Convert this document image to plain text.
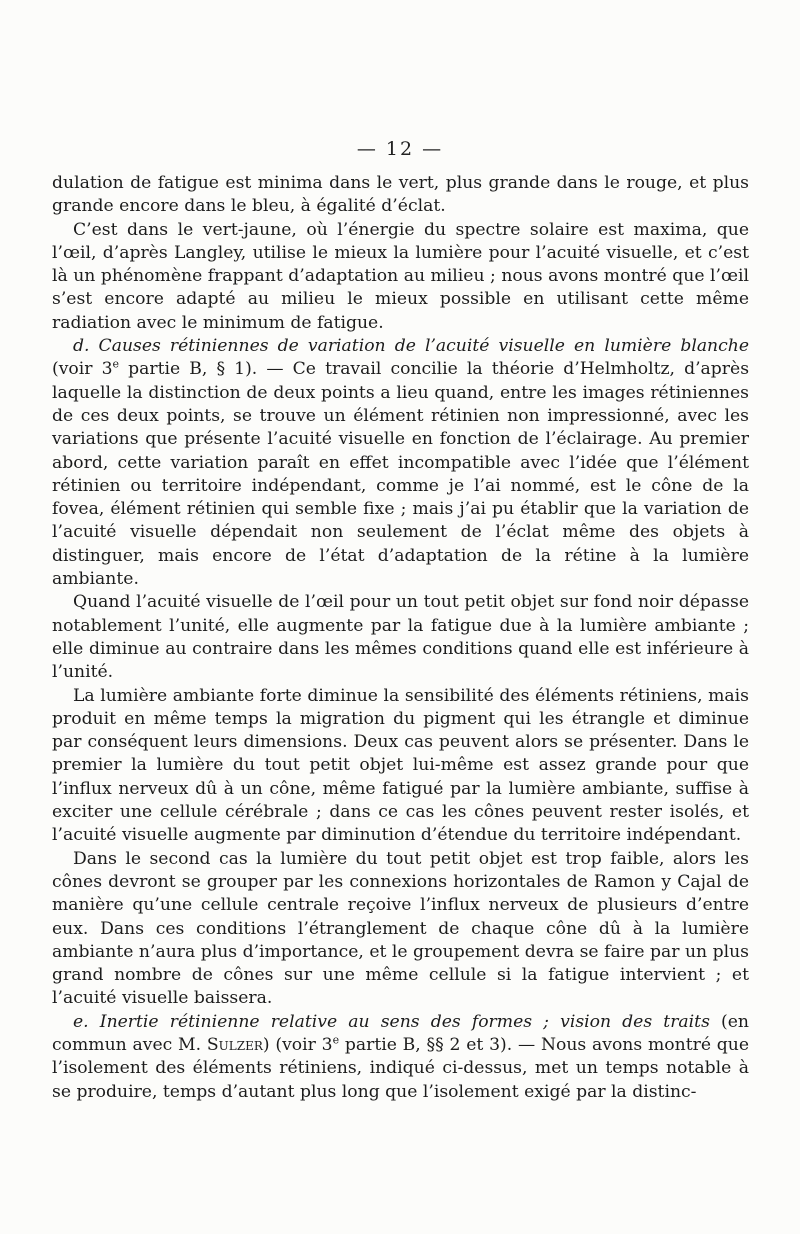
— 12 —

dulation de fatigue est minima dans le vert, plus grande dans le rouge, et plus grande encore dans le bleu, à égalité d’éclat.

C’est dans le vert-jaune, où l’énergie du spectre solaire est maxima, que l’œil, d’après Langley, utilise le mieux la lumière pour l’acuité visuelle, et c’est là un phénomène frappant d’adaptation au milieu ; nous avons montré que l’œil s’est encore adapté au milieu le mieux possible en utilisant cette même radiation avec le minimum de fatigue.

d. Causes rétiniennes de variation de l’acuité visuelle en lumière blanche (voir 3e partie B, § 1). — Ce travail concilie la théorie d’Helmholtz, d’après laquelle la distinction de deux points a lieu quand, entre les images rétiniennes de ces deux points, se trouve un élément rétinien non impressionné, avec les variations que présente l’acuité visuelle en fonction de l’éclairage. Au premier abord, cette variation paraît en effet incompatible avec l’idée que l’élément rétinien ou territoire indépendant, comme je l’ai nommé, est le cône de la fovea, élément rétinien qui semble fixe ; mais j’ai pu établir que la variation de l’acuité visuelle dépendait non seulement de l’éclat même des objets à distinguer, mais encore de l’état d’adaptation de la rétine à la lumière ambiante.

Quand l’acuité visuelle de l’œil pour un tout petit objet sur fond noir dépasse notablement l’unité, elle augmente par la fatigue due à la lumière ambiante ; elle diminue au contraire dans les mêmes conditions quand elle est inférieure à l’unité.

La lumière ambiante forte diminue la sensibilité des éléments rétiniens, mais produit en même temps la migration du pigment qui les étrangle et diminue par conséquent leurs dimensions. Deux cas peuvent alors se présenter. Dans le premier la lumière du tout petit objet lui-même est assez grande pour que l’influx nerveux dû à un cône, même fatigué par la lumière ambiante, suffise à exciter une cellule cérébrale ; dans ce cas les cônes peuvent rester isolés, et l’acuité visuelle augmente par diminution d’étendue du territoire indépendant.

Dans le second cas la lumière du tout petit objet est trop faible, alors les cônes devront se grouper par les connexions horizontales de Ramon y Cajal de manière qu’une cellule centrale reçoive l’influx nerveux de plusieurs d’entre eux. Dans ces conditions l’étranglement de chaque cône dû à la lumière ambiante n’aura plus d’importance, et le groupement devra se faire par un plus grand nombre de cônes sur une même cellule si la fatigue intervient ; et l’acuité visuelle baissera.

e. Inertie rétinienne relative au sens des formes ; vision des traits (en commun avec M. Sulzer) (voir 3e partie B, §§ 2 et 3). — Nous avons montré que l’isolement des éléments rétiniens, indiqué ci-dessus, met un temps notable à se produire, temps d’autant plus long que l’isolement exigé par la distinc-
